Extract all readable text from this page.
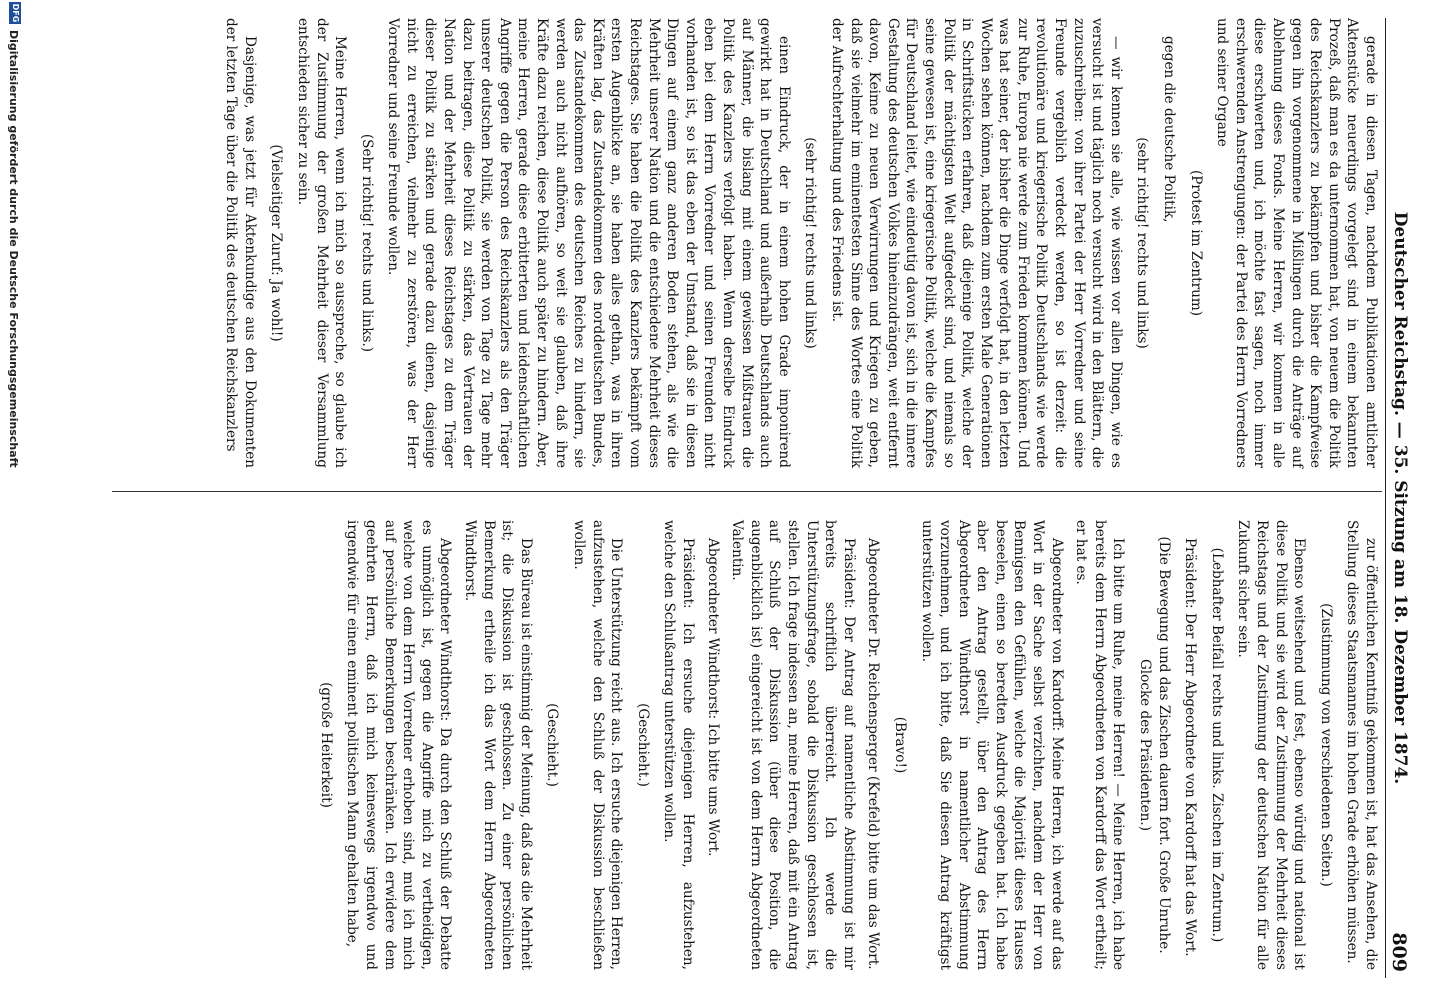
Deutscher Reichstag. — 35. Sitzung am 18. Dezember 1874.
809

gerade in diesen Tagen, nachdem Publikationen amtlicher Aktenstücke neuerdings vorgelegt sind in einem bekannten Prozeß, daß man es da unternommen hat, von neuem die Politik des Reichskanzlers zu bekämpfen und bisher die Kampfweise gegen ihn vorgenommene in Mißlingen durch die Anträge auf Ablehnung dieses Fonds. Meine Herren, wir kommen in alle diese erschwerten und, ich möchte fast sagen, noch immer erschwerenden Anstrengungen: der Partei des Herrn Vorredners und seiner Organe

(Protest im Zentrum)

gegen die deutsche Politik,

(sehr richtig! rechts und links)

— wir kennen sie alle, wie wissen vor allen Dingen, wie es versucht ist und täglich noch versucht wird in den Blättern, die zuzuschreiben: von ihrer Partei der Herr Vorredner und seine Freunde vergeblich verdeckt werden, so ist derzeit: die revolutionäre und kriegerische Politik Deutschlands wie werde zur Ruhe, Europa nie werde zum Frieden kommen können. Und was hat seiner, der bisher die Dinge verfolgt hat, in den letzten Wochen sehen können, nachdem zum ersten Male Generationen in Schriftstücken erfahren, daß diejenige Politik, welche der Politik der mächtigsten Welt aufgedeckt sind, und niemals so seine gewesen ist, eine kriegerische Politik, welche die Kampfes für Deutschland leitet, wie eindeutig davon ist, sich in die innere Gestaltung des deutschen Volkes hineinzudrängen, weit entfernt davon, Keime zu neuen Verwirrungen und Kriegen zu geben, daß sie vielmehr im eminentesten Sinne des Wortes eine Politik der Aufrechterhaltung und des Friedens ist.

(sehr richtig! rechts und links)

einen Eindruck, der in einem hohen Grade imponirend gewirkt hat in Deutschland und außerhalb Deutschlands auch auf Männer, die bislang mit einem gewissen Mißtrauen die Politik des Kanzlers verfolgt haben. Wenn derselbe Eindruck eben bei dem Herrn Vorredner und seinen Freunden nicht vorhanden ist, so ist das eben der Umstand, daß sie in diesen Dingen auf einem ganz anderen Boden stehen, als wie die Mehrheit unserer Nation und die entschiedene Mehrheit dieses Reichstages. Sie haben die Politik des Kanzlers bekämpft vom ersten Augenblicke an, sie haben alles gethan, was in ihren Kräften lag, das Zustandekommen des norddeutschen Bundes, das Zustandekommen des deutschen Reiches zu hindern, sie werden auch nicht aufhören, so weit sie glauben, daß ihre Kräfte dazu reichen, diese Politik auch später zu hindern. Aber, meine Herren, gerade diese erbitterten und leidenschaftlichen Angriffe gegen die Person des Reichskanzlers als den Träger unserer deutschen Politik, sie werden von Tage zu Tage mehr dazu beitragen, diese Politik zu stärken, das Vertrauen der Nation und der Mehrheit dieses Reichstages zu dem Träger dieser Politik zu stärken und gerade dazu dienen, dasjenige nicht zu erreichen, vielmehr zu zerstören, was der Herr Vorredner und seine Freunde wollen.

(Sehr richtig! rechts und links.)

Meine Herren, wenn ich mich so ausspreche, so glaube ich der Zustimmung der großen Mehrheit dieser Versammlung entschieden sicher zu sein.

(Vielseitiger Zuruf: Ja wohl!)

Dasjenige, was jetzt für Aktenkundige aus den Dokumenten der letzten Tage über die Politik des deutschen Reichskanzlers

zur öffentlichen Kenntniß gekommen ist, hat das Ansehen, die Stellung dieses Staatsmannes im hohen Grade erhöhen müssen.

(Zustimmung von verschiedenen Seiten.)

Ebenso weitsehend und fest, ebenso würdig und national ist diese Politik und sie wird der Zustimmung der Mehrheit dieses Reichstags und der Zustimmung der deutschen Nation für alle Zukunft sicher sein.

(Lebhafter Beifall rechts und links. Zischen im Zentrum.)

Präsident: Der Herr Abgeordnete von Kardorff hat das Wort.

(Die Bewegung und das Zischen dauern fort. Große Unruhe. Glocke des Präsidenten.)

Ich bitte um Ruhe, meine Herren! — Meine Herren, ich habe bereits dem Herrn Abgeordneten von Kardorff das Wort ertheilt; er hat es.

Abgeordneter von Kardorff: Meine Herren, ich werde auf das Wort in der Sache selbst verzichten, nachdem der Herr von Bennigsen den Gefühlen, welche die Majorität dieses Hauses beseelen, einen so beredten Ausdruck gegeben hat. Ich habe aber den Antrag gestellt, über den Antrag des Herrn Abgeordneten Windthorst in namentlicher Abstimmung vorzunehmen, und ich bitte, daß Sie diesen Antrag kräftigst unterstützen wollen.

(Bravo!)

Abgeordneter Dr. Reichensperger (Krefeld) bitte um das Wort.

Präsident: Der Antrag auf namentliche Abstimmung ist mir bereits schriftlich überreicht. Ich werde die Unterstützungsfrage, sobald die Diskussion geschlossen ist, stellen. Ich frage indessen an, meine Herren, daß mit ein Antrag auf Schluß der Diskussion (über diese Position, die augenblicklich ist) eingereicht ist von dem Herrn Abgeordneten Valentin.

Abgeordneter Windthorst: Ich bitte ums Wort.

Präsident: Ich ersuche diejenigen Herren, aufzustehen, welche den Schlußantrag unterstützen wollen.

(Geschieht.)

Die Unterstützung reicht aus. Ich ersuche diejenigen Herren, aufzustehen, welche den Schluß der Diskussion beschließen wollen.

(Geschieht.)

Das Büreau ist einstimmig der Meinung, daß das die Mehrheit ist; die Diskussion ist geschlossen. Zu einer persönlichen Bemerkung ertheile ich das Wort dem Herrn Abgeordneten Windthorst.

Abgeordneter Windthorst: Da durch den Schluß der Debatte es unmöglich ist, gegen die Angriffe mich zu vertheidigen, welche von dem Herrn Vorredner erhoben sind, muß ich mich auf persönliche Bemerkungen beschränken. Ich erwidere dem geehrten Herrn, daß ich mich keineswegs irgendwo und irgendwie für einen eminent politischen Mann gehalten habe,

(große Heiterkeit)

DFG
Digitalisierung gefördert durch die Deutsche Forschungsgemeinschaft
